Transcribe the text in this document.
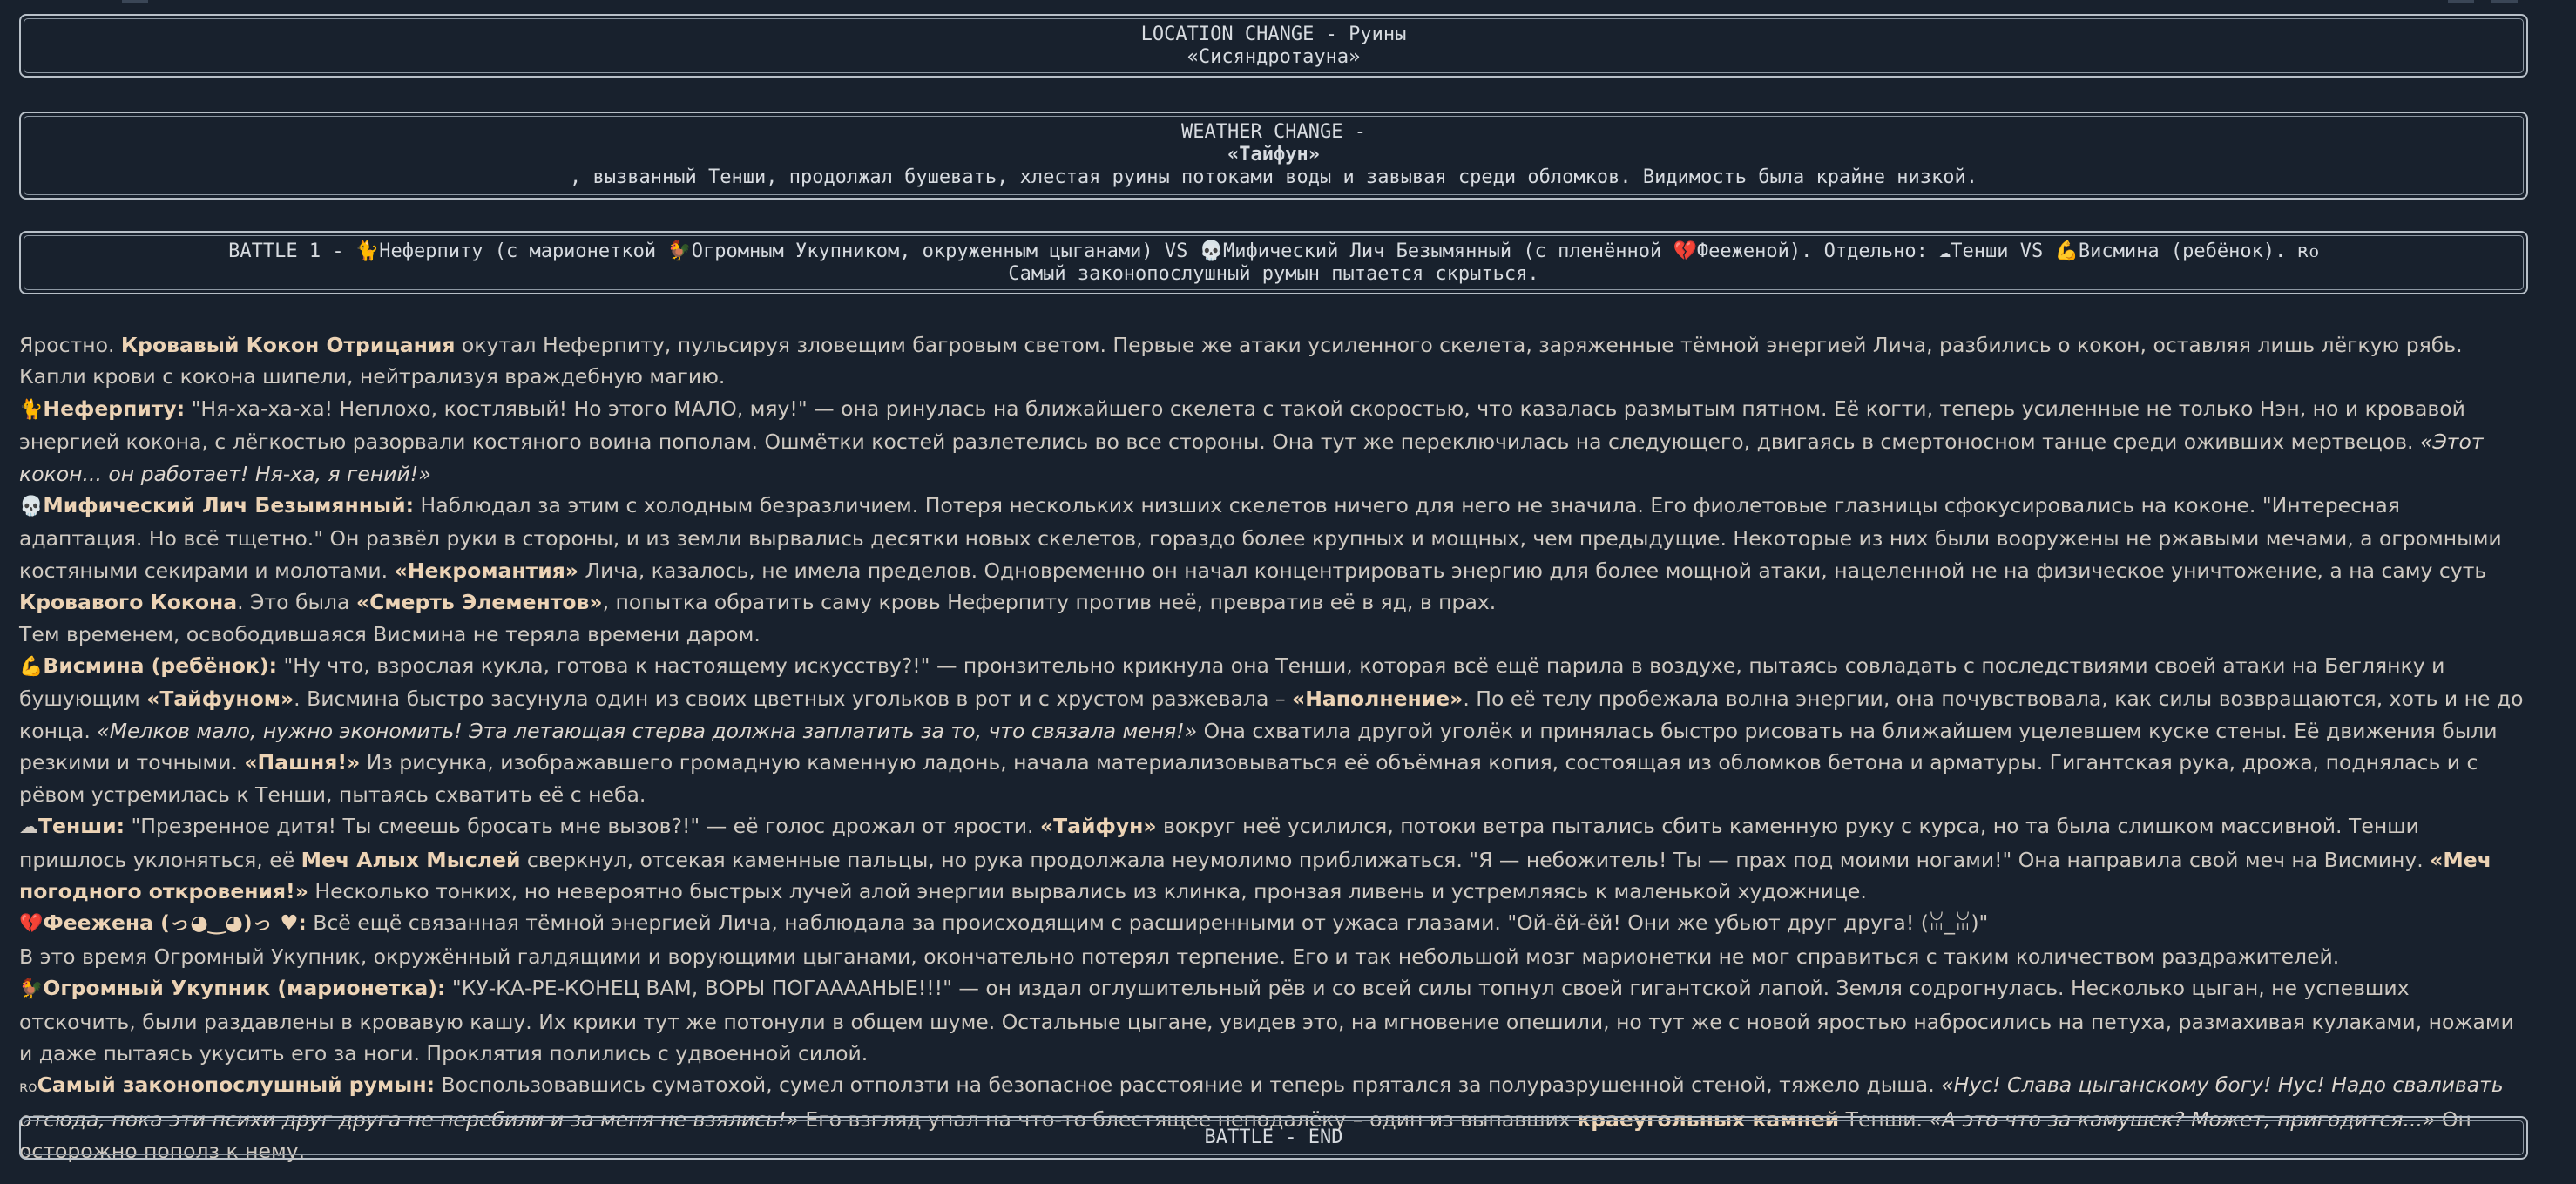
LOCATION CHANGE - Руины
«Сисяндротауна»
WEATHER CHANGE -
«Тайфун»
, вызванный Тенши, продолжал бушевать, хлестая руины потоками воды и завывая среди обломков. Видимость была крайне низкой.
BATTLE 1 - 🐈Неферпиту (с марионеткой 🐓Огромным Укупником, окруженным цыганами) VS 💀Мифический Лич Безымянный (с пленённой 💔Фееженой). Отдельно: ☁Тенши VS 💪Висмина (ребёнок). ʀᴏ
Самый законопослушный румын пытается скрыться.

Яростно. Кровавый Кокон Отрицания окутал Неферпиту, пульсируя зловещим багровым светом. Первые же атаки усиленного скелета, заряженные тёмной энергией Лича, разбились о кокон, оставляя лишь лёгкую рябь. Капли крови с кокона шипели, нейтрализуя враждебную магию.

🐈Неферпиту: "Ня-ха-ха-ха! Неплохо, костлявый! Но этого МАЛО, мяу!" — она ринулась на ближайшего скелета с такой скоростью, что казалась размытым пятном. Её когти, теперь усиленные не только Нэн, но и кровавой энергией кокона, с лёгкостью разорвали костяного воина пополам. Ошмётки костей разлетелись во все стороны. Она тут же переключилась на следующего, двигаясь в смертоносном танце среди оживших мертвецов. «Этот кокон... он работает! Ня-ха, я гений!»

💀Мифический Лич Безымянный: Наблюдал за этим с холодным безразличием. Потеря нескольких низших скелетов ничего для него не значила. Его фиолетовые глазницы сфокусировались на коконе. "Интересная адаптация. Но всё тщетно." Он развёл руки в стороны, и из земли вырвались десятки новых скелетов, гораздо более крупных и мощных, чем предыдущие. Некоторые из них были вооружены не ржавыми мечами, а огромными костяными секирами и молотами. «Некромантия» Лича, казалось, не имела пределов. Одновременно он начал концентрировать энергию для более мощной атаки, нацеленной не на физическое уничтожение, а на саму суть Кровавого Кокона. Это была «Смерть Элементов», попытка обратить саму кровь Неферпиту против неё, превратив её в яд, в прах.

Тем временем, освободившаяся Висмина не теряла времени даром.

💪Висмина (ребёнок): "Ну что, взрослая кукла, готова к настоящему искусству?!" — пронзительно крикнула она Тенши, которая всё ещё парила в воздухе, пытаясь совладать с последствиями своей атаки на Беглянку и бушующим «Тайфуном». Висмина быстро засунула один из своих цветных угольков в рот и с хрустом разжевала – «Наполнение». По её телу пробежала волна энергии, она почувствовала, как силы возвращаются, хоть и не до конца. «Мелков мало, нужно экономить! Эта летающая стерва должна заплатить за то, что связала меня!» Она схватила другой уголёк и принялась быстро рисовать на ближайшем уцелевшем куске стены. Её движения были резкими и точными. «Пашня!» Из рисунка, изображавшего громадную каменную ладонь, начала материализовываться её объёмная копия, состоящая из обломков бетона и арматуры. Гигантская рука, дрожа, поднялась и с рёвом устремилась к Тенши, пытаясь схватить её с неба.

☁Тенши: "Презренное дитя! Ты смеешь бросать мне вызов?!" — её голос дрожал от ярости. «Тайфун» вокруг неё усилился, потоки ветра пытались сбить каменную руку с курса, но та была слишком массивной. Тенши пришлось уклоняться, её Меч Алых Мыслей сверкнул, отсекая каменные пальцы, но рука продолжала неумолимо приближаться. "Я — небожитель! Ты — прах под моими ногами!" Она направила свой меч на Висмину. «Меч погодного откровения!» Несколько тонких, но невероятно быстрых лучей алой энергии вырвались из клинка, пронзая ливень и устремляясь к маленькой художнице.

💔Фееженa (っ◕‿◕)っ ♥: Всё ещё связанная тёмной энергией Лича, наблюдала за происходящим с расширенными от ужаса глазами. "Ой-ёй-ёй! Они же убьют друг друга! (ꈍ_ꈍ)"

В это время Огромный Укупник, окружённый галдящими и ворующими цыганами, окончательно потерял терпение. Его и так небольшой мозг марионетки не мог справиться с таким количеством раздражителей.

🐓Огромный Укупник (марионетка): "КУ-КА-РЕ-КОНЕЦ ВАМ, ВОРЫ ПОГААААНЫЕ!!!" — он издал оглушительный рёв и со всей силы топнул своей гигантской лапой. Земля содрогнулась. Несколько цыган, не успевших отскочить, были раздавлены в кровавую кашу. Их крики тут же потонули в общем шуме. Остальные цыгане, увидев это, на мгновение опешили, но тут же с новой яростью набросились на петуха, размахивая кулаками, ножами и даже пытаясь укусить его за ноги. Проклятия полились с удвоенной силой.

ʀᴏСамый законопослушный румын: Воспользовавшись суматохой, сумел отползти на безопасное расстояние и теперь прятался за полуразрушенной стеной, тяжело дыша. «Нус! Слава цыганскому богу! Нус! Надо сваливать отсюда, пока эти психи друг друга не перебили и за меня не взялись!» Его взгляд упал на что-то блестящее неподалёку – один из выпавших краеугольных камней Тенши. «А это что за камушек? Может, пригодится...» Он осторожно пополз к нему.

BATTLE - END
